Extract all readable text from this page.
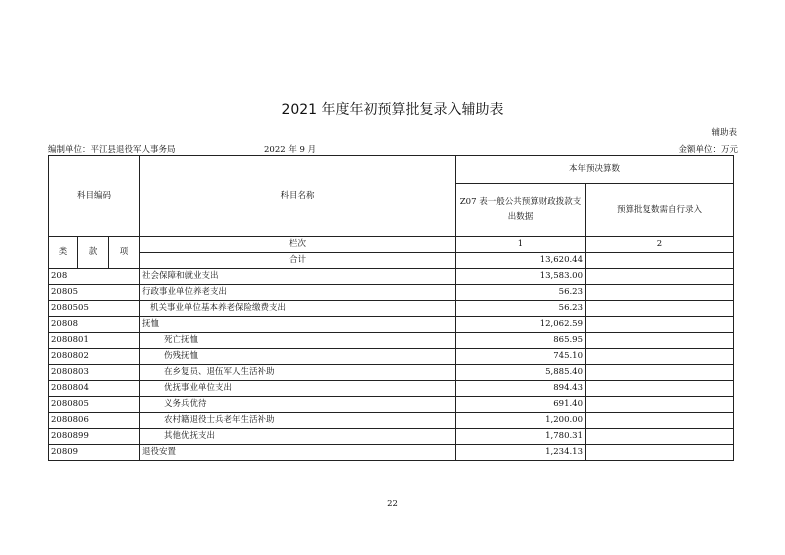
2021 年度年初预算批复录入辅助表
辅助表
编制单位：平江县退役军人事务局	2022 年 9 月	金额单位：万元
科目编码			科目名称	本年预决算数	
				Z07 表一般公共预算财政拨款支出数据	预算批复数需自行录入
类	款	项	栏次	1	2
			合计	13,620.44	
208			社会保障和就业支出	13,583.00	
20805			行政事业单位养老支出	56.23	
2080505			机关事业单位基本养老保险缴费支出	56.23	
20808			抚恤	12,062.59	
2080801			死亡抚恤	865.95	
2080802			伤残抚恤	745.10	
2080803			在乡复员、退伍军人生活补助	5,885.40	
2080804			优抚事业单位支出	894.43	
2080805			义务兵优待	691.40	
2080806			农村籍退役士兵老年生活补助	1,200.00	
2080899			其他优抚支出	1,780.31	
20809			退役安置	1,234.13	
22
